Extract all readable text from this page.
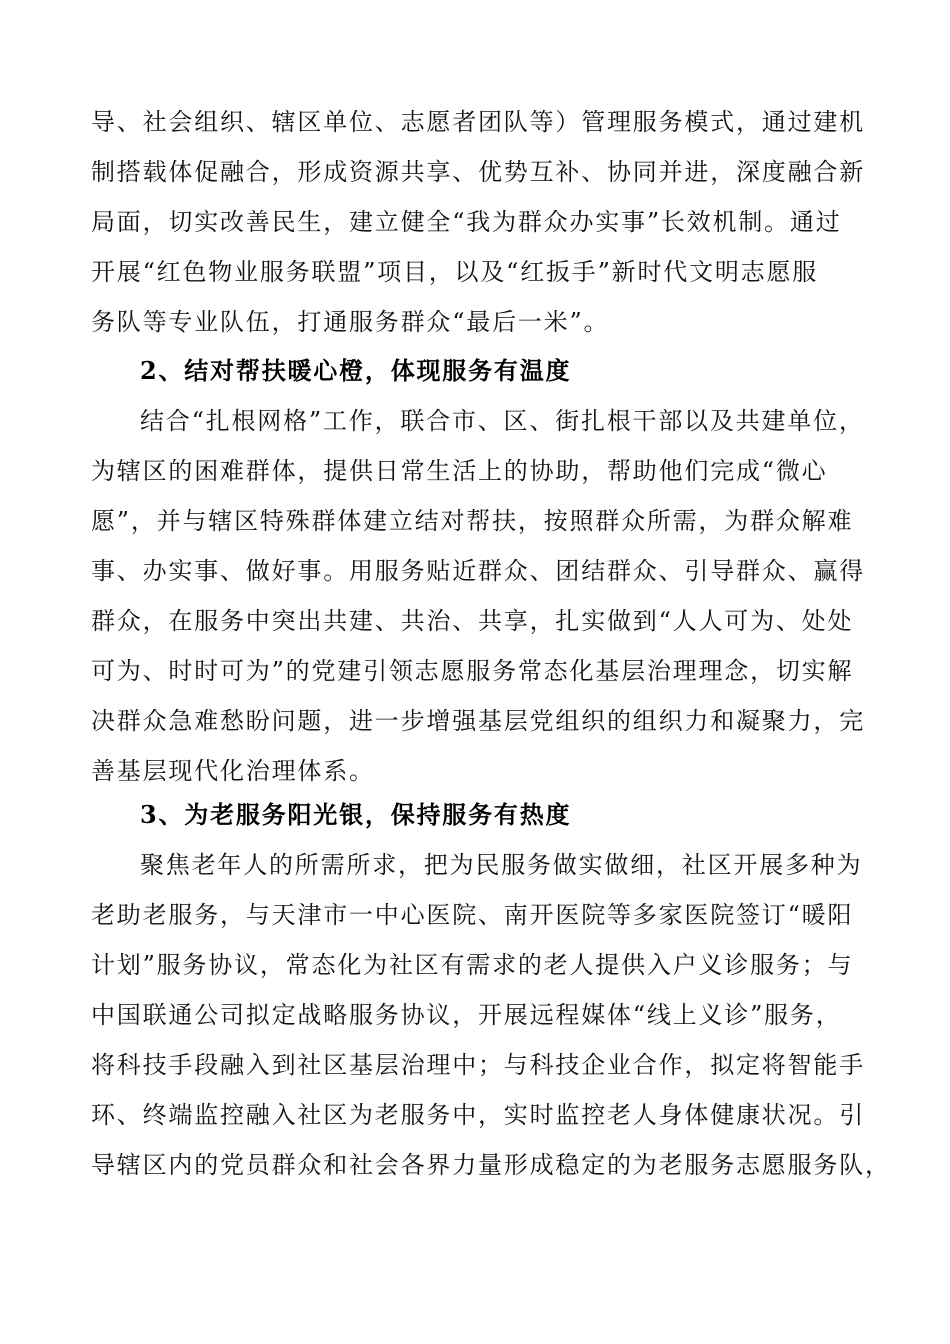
导、社会组织、辖区单位、志愿者团队等）管理服务模式，通过建机
制搭载体促融合，形成资源共享、优势互补、协同并进，深度融合新
局面，切实改善民生，建立健全“我为群众办实事”长效机制。通过
开展“红色物业服务联盟”项目，以及“红扳手”新时代文明志愿服
务队等专业队伍，打通服务群众“最后一米”。
2、结对帮扶暖心橙，体现服务有温度
结合“扎根网格”工作，联合市、区、街扎根干部以及共建单位，
为辖区的困难群体，提供日常生活上的协助，帮助他们完成“微心
愿”，并与辖区特殊群体建立结对帮扶，按照群众所需，为群众解难
事、办实事、做好事。用服务贴近群众、团结群众、引导群众、赢得
群众，在服务中突出共建、共治、共享，扎实做到“人人可为、处处
可为、时时可为”的党建引领志愿服务常态化基层治理理念，切实解
决群众急难愁盼问题，进一步增强基层党组织的组织力和凝聚力，完
善基层现代化治理体系。
3、为老服务阳光银，保持服务有热度
聚焦老年人的所需所求，把为民服务做实做细，社区开展多种为
老助老服务，与天津市一中心医院、南开医院等多家医院签订“暖阳
计划”服务协议，常态化为社区有需求的老人提供入户义诊服务；与
中国联通公司拟定战略服务协议，开展远程媒体“线上义诊”服务，
将科技手段融入到社区基层治理中；与科技企业合作，拟定将智能手
环、终端监控融入社区为老服务中，实时监控老人身体健康状况。引
导辖区内的党员群众和社会各界力量形成稳定的为老服务志愿服务队，
